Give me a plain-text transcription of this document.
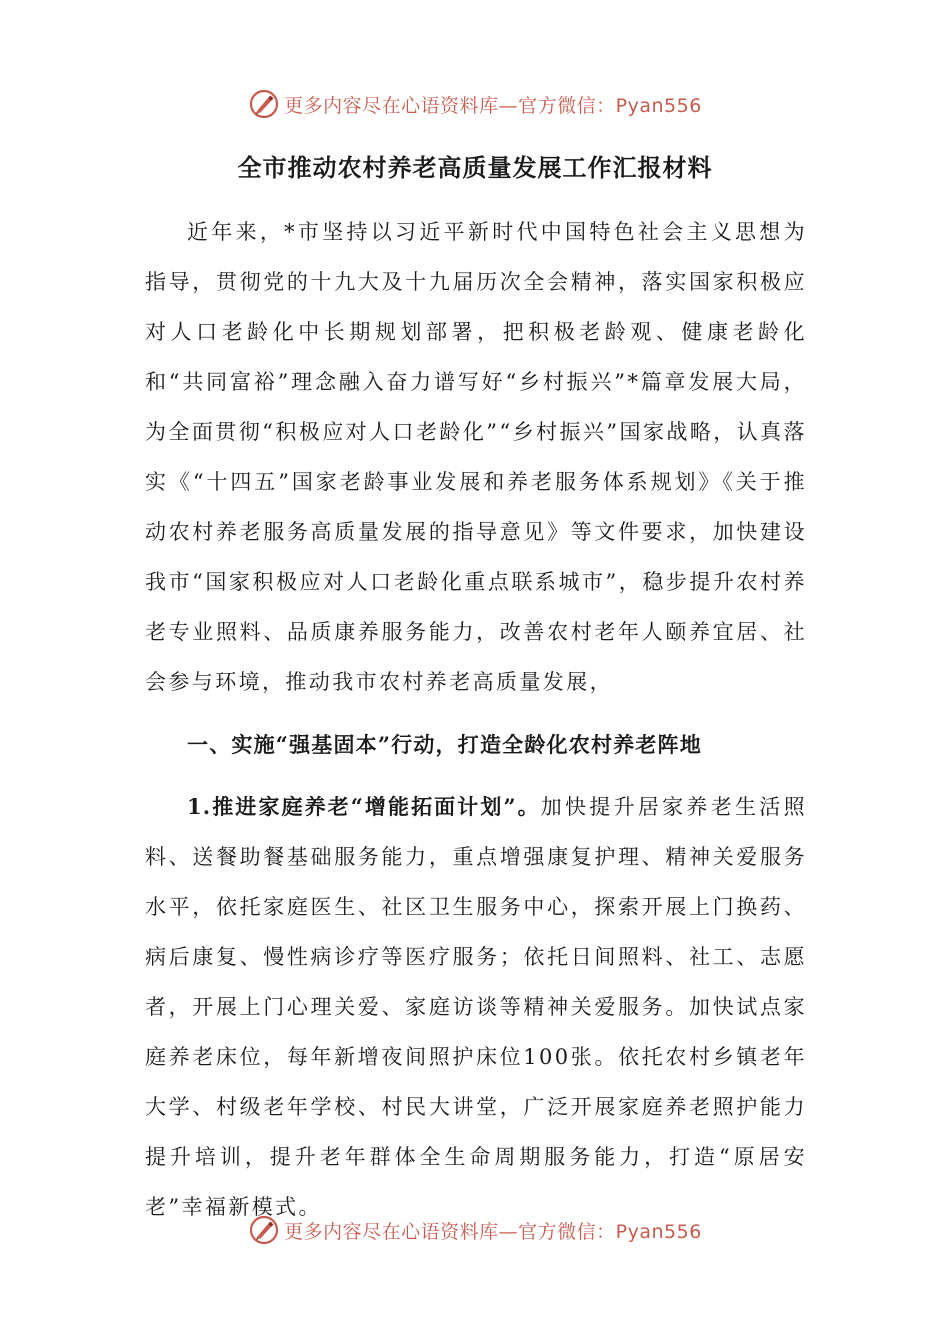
更多内容尽在心语资料库—官方微信：Pyan556
全市推动农村养老高质量发展工作汇报材料

近年来，*市坚持以习近平新时代中国特色社会主义思想为指导，贯彻党的十九大及十九届历次全会精神，落实国家积极应对人口老龄化中长期规划部署，把积极老龄观、健康老龄化和“共同富裕”理念融入奋力谱写好“乡村振兴”*篇章发展大局，为全面贯彻“积极应对人口老龄化”“乡村振兴”国家战略，认真落实《“十四五”国家老龄事业发展和养老服务体系规划》《关于推动农村养老服务高质量发展的指导意见》等文件要求，加快建设我市“国家积极应对人口老龄化重点联系城市”，稳步提升农村养老专业照料、品质康养服务能力，改善农村老年人颐养宜居、社会参与环境，推动我市农村养老高质量发展，

一、实施“强基固本”行动，打造全龄化农村养老阵地

1.推进家庭养老“增能拓面计划”。加快提升居家养老生活照料、送餐助餐基础服务能力，重点增强康复护理、精神关爱服务水平，依托家庭医生、社区卫生服务中心，探索开展上门换药、病后康复、慢性病诊疗等医疗服务；依托日间照料、社工、志愿者，开展上门心理关爱、家庭访谈等精神关爱服务。加快试点家庭养老床位，每年新增夜间照护床位100张。依托农村乡镇老年大学、村级老年学校、村民大讲堂，广泛开展家庭养老照护能力提升培训，提升老年群体全生命周期服务能力，打造“原居安老”幸福新模式。

更多内容尽在心语资料库—官方微信：Pyan556
